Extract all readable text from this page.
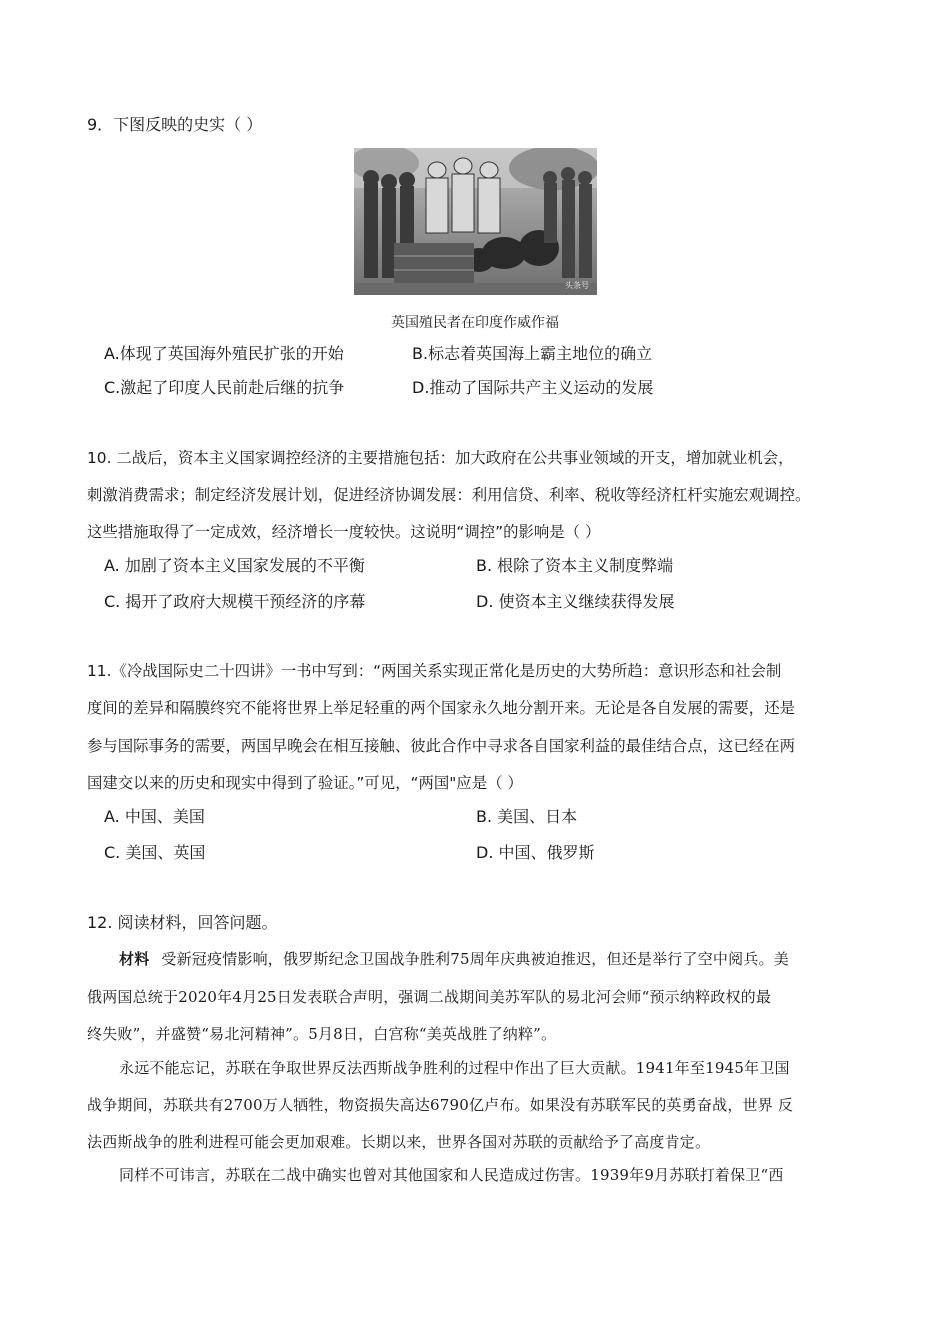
9．下图反映的史实（ ）
头条号
英国殖民者在印度作威作福
A.体现了英国海外殖民扩张的开始	B.标志着英国海上霸主地位的确立
C.激起了印度人民前赴后继的抗争	D.推动了国际共产主义运动的发展
10. 二战后，资本主义国家调控经济的主要措施包括：加大政府在公共事业领域的开支，增加就业机会，
刺激消费需求；制定经济发展计划，促进经济协调发展：利用信贷、利率、税收等经济杠杆实施宏观调控。
这些措施取得了一定成效，经济增长一度较快。这说明“调控”的影响是（ ）
A. 加剧了资本主义国家发展的不平衡	B. 根除了资本主义制度弊端
C. 揭开了政府大规模干预经济的序幕	D. 使资本主义继续获得发展
11.《冷战国际史二十四讲》一书中写到：“两国关系实现正常化是历史的大势所趋：意识形态和社会制
度间的差异和隔膜终究不能将世界上举足轻重的两个国家永久地分割开来。无论是各自发展的需要，还是
参与国际事务的需要，两国早晚会在相互接触、彼此合作中寻求各自国家利益的最佳结合点，这已经在两
国建交以来的历史和现实中得到了验证。”可见，“两国"应是（ ）
A. 中国、美国	B. 美国、日本
C. 美国、英国	D. 中国、俄罗斯
12. 阅读材料，回答问题。
材料 受新冠疫情影响，俄罗斯纪念卫国战争胜利75周年庆典被迫推迟，但还是举行了空中阅兵。美
俄两国总统于2020年4月25日发表联合声明，强调二战期间美苏军队的易北河会师“预示纳粹政权的最
终失败”，并盛赞“易北河精神”。5月8日，白宫称“美英战胜了纳粹”。
永远不能忘记，苏联在争取世界反法西斯战争胜利的过程中作出了巨大贡献。1941年至1945年卫国
战争期间，苏联共有2700万人牺牲，物资损失高达6790亿卢布。如果没有苏联军民的英勇奋战，世界 反
法西斯战争的胜利进程可能会更加艰难。长期以来，世界各国对苏联的贡献给予了高度肯定。
同样不可讳言，苏联在二战中确实也曾对其他国家和人民造成过伤害。1939年9月苏联打着保卫“西
